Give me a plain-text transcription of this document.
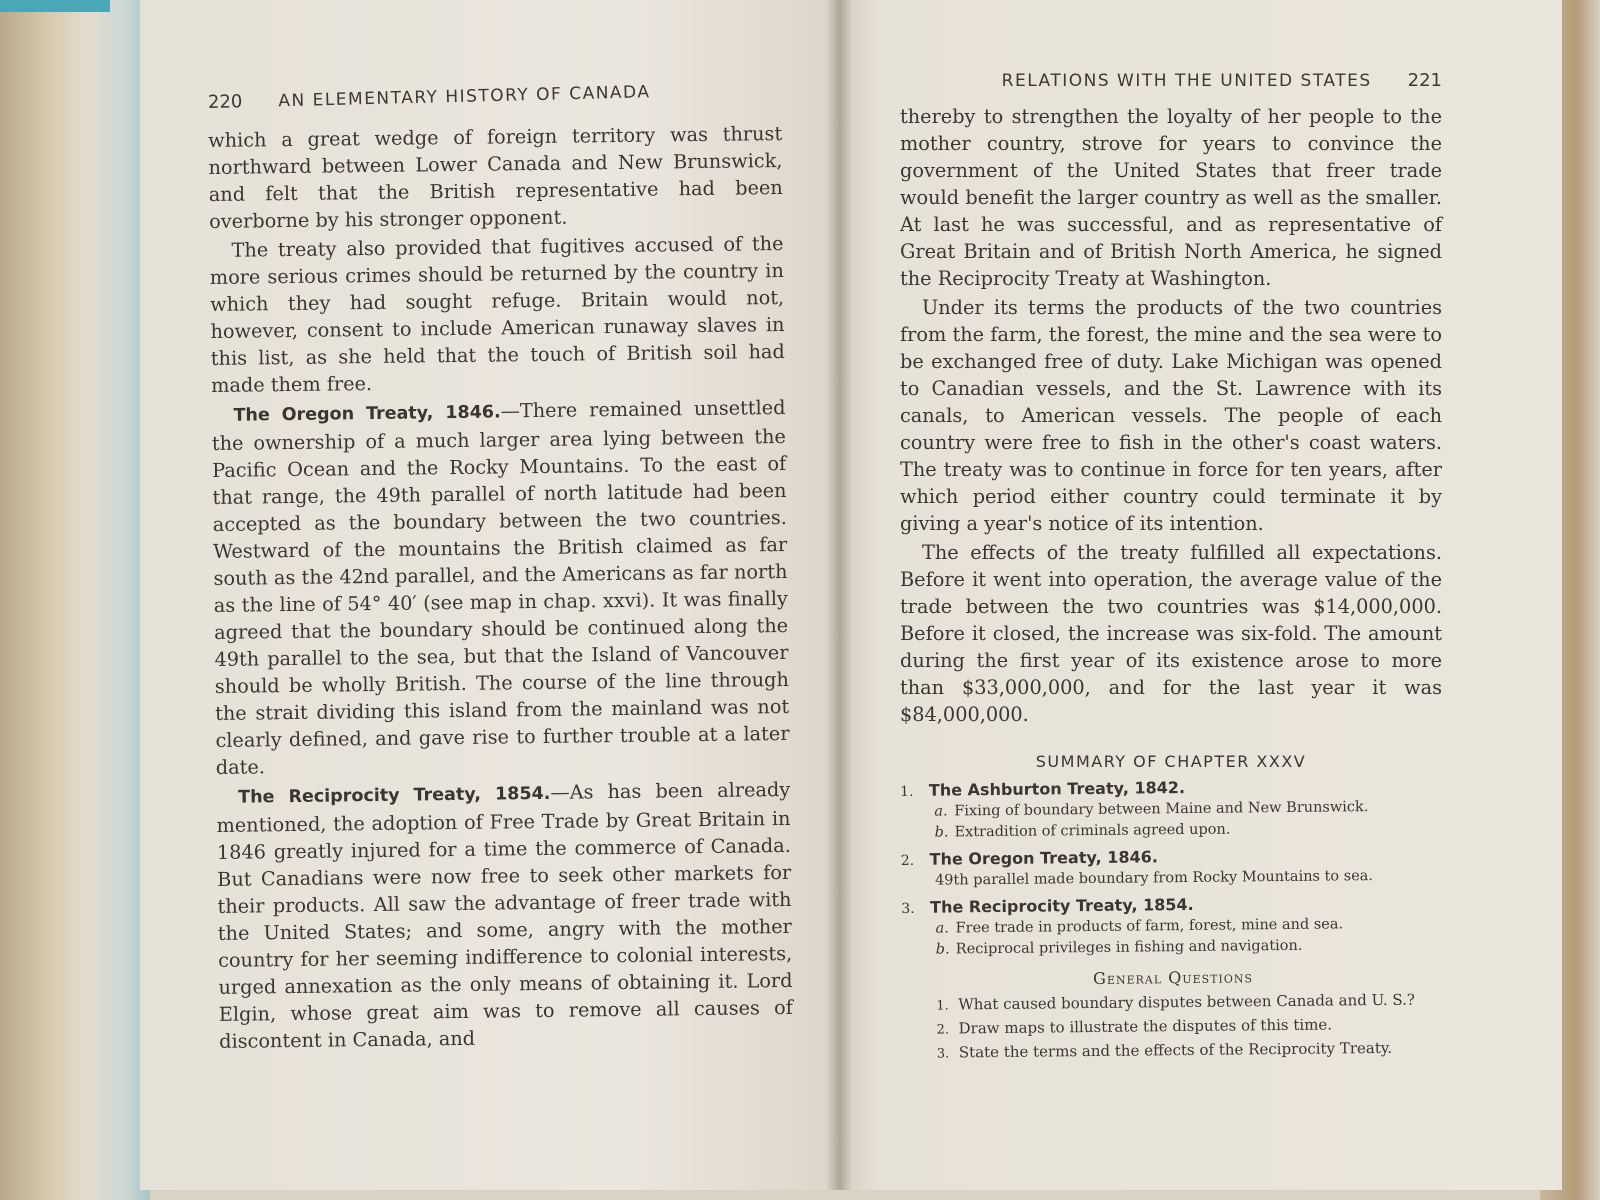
220 AN ELEMENTARY HISTORY OF CANADA

which a great wedge of foreign territory was thrust northward between Lower Canada and New Brunswick, and felt that the British representative had been overborne by his stronger opponent.

The treaty also provided that fugitives accused of the more serious crimes should be returned by the country in which they had sought refuge. Britain would not, however, consent to include American runaway slaves in this list, as she held that the touch of British soil had made them free.

The Oregon Treaty, 1846.—There remained unsettled the ownership of a much larger area lying between the Pacific Ocean and the Rocky Mountains. To the east of that range, the 49th parallel of north latitude had been accepted as the boundary between the two countries. Westward of the mountains the British claimed as far south as the 42nd parallel, and the Americans as far north as the line of 54° 40′ (see map in chap. xxvi). It was finally agreed that the boundary should be continued along the 49th parallel to the sea, but that the Island of Vancouver should be wholly British. The course of the line through the strait dividing this island from the mainland was not clearly defined, and gave rise to further trouble at a later date.

The Reciprocity Treaty, 1854.—As has been already mentioned, the adoption of Free Trade by Great Britain in 1846 greatly injured for a time the commerce of Canada. But Canadians were now free to seek other markets for their products. All saw the advantage of freer trade with the United States; and some, angry with the mother country for her seeming indifference to colonial interests, urged annexation as the only means of obtaining it. Lord Elgin, whose great aim was to remove all causes of discontent in Canada, and

RELATIONS WITH THE UNITED STATES 221

thereby to strengthen the loyalty of her people to the mother country, strove for years to convince the government of the United States that freer trade would benefit the larger country as well as the smaller. At last he was successful, and as representative of Great Britain and of British North America, he signed the Reciprocity Treaty at Washington.

Under its terms the products of the two countries from the farm, the forest, the mine and the sea were to be exchanged free of duty. Lake Michigan was opened to Canadian vessels, and the St. Lawrence with its canals, to American vessels. The people of each country were free to fish in the other's coast waters. The treaty was to continue in force for ten years, after which period either country could terminate it by giving a year's notice of its intention.

The effects of the treaty fulfilled all expectations. Before it went into operation, the average value of the trade between the two countries was $14,000,000. Before it closed, the increase was six-fold. The amount during the first year of its existence arose to more than $33,000,000, and for the last year it was $84,000,000.

SUMMARY OF CHAPTER XXXV
1. The Ashburton Treaty, 1842.
a. Fixing of boundary between Maine and New Brunswick.
b. Extradition of criminals agreed upon.
2. The Oregon Treaty, 1846.
49th parallel made boundary from Rocky Mountains to sea.
3. The Reciprocity Treaty, 1854.
a. Free trade in products of farm, forest, mine and sea.
b. Reciprocal privileges in fishing and navigation.
General Questions
1. What caused boundary disputes between Canada and U. S.?
2. Draw maps to illustrate the disputes of this time.
3. State the terms and the effects of the Reciprocity Treaty.
